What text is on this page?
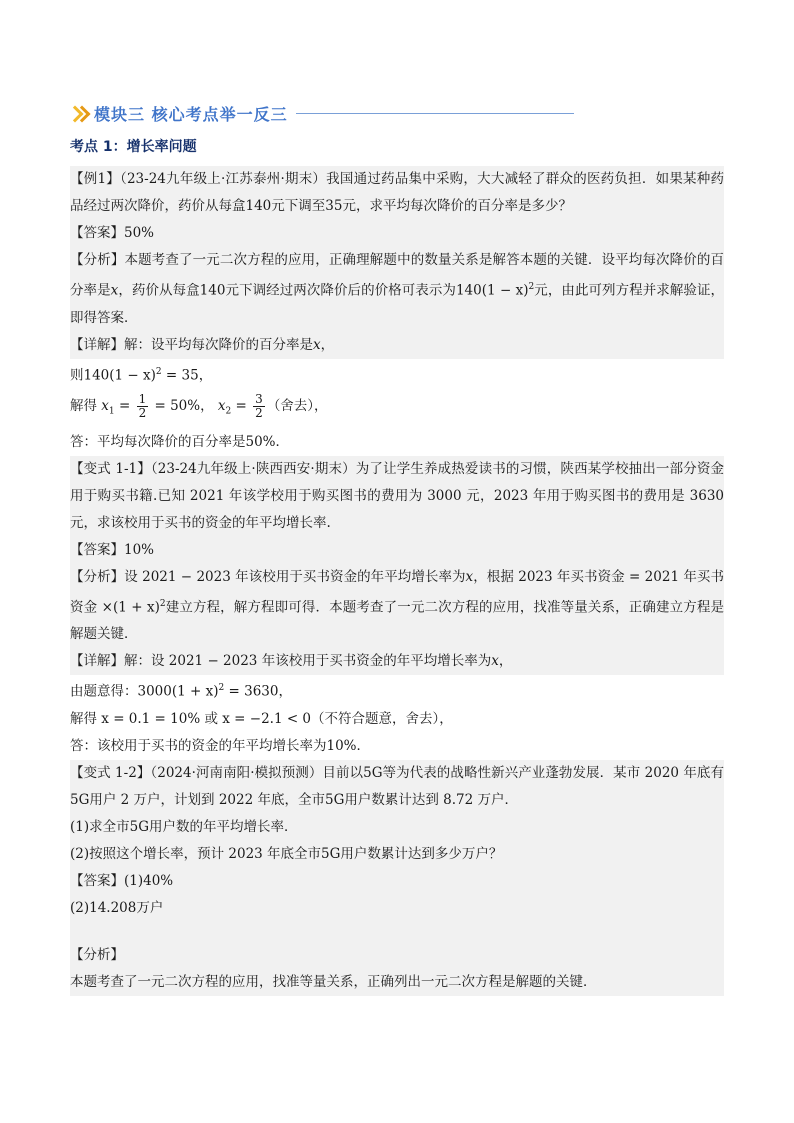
模块三 核心考点举一反三
考点 1：增长率问题
【例1】（23-24九年级上·江苏泰州·期末）我国通过药品集中采购，大大减轻了群众的医药负担．如果某种药品经过两次降价，药价从每盒140元下调至35元，求平均每次降价的百分率是多少？
【答案】50%
【分析】本题考查了一元二次方程的应用，正确理解题中的数量关系是解答本题的关键．设平均每次降价的百分率是x，药价从每盒140元下调经过两次降价后的价格可表示为$140(1 - x)^2$元，由此可列方程并求解验证，即得答案．
【详解】解：设平均每次降价的百分率是x，
则$140(1 - x)^2 = 35$，
解得 $x_1 = \frac{1}{2} = 50\%$， $x_2 = \frac{3}{2}$ （舍去），
答：平均每次降价的百分率是50%．
【变式 1-1】（23-24九年级上·陕西西安·期末）为了让学生养成热爱读书的习惯，陕西某学校抽出一部分资金用于购买书籍.已知 2021 年该学校用于购买图书的费用为 3000 元，2023 年用于购买图书的费用是 3630 元，求该校用于买书的资金的年平均增长率.
【答案】10%
【分析】设 2021 − 2023 年该校用于买书资金的年平均增长率为x，根据 2023 年买书资金 = 2021 年买书资金 $\times(1 + x)^2$建立方程，解方程即可得．本题考查了一元二次方程的应用，找准等量关系，正确建立方程是解题关键．
【详解】解：设 2021 − 2023 年该校用于买书资金的年平均增长率为x，
由题意得：$3000(1 + x)^2 = 3630$，
解得 x = 0.1 = 10% 或 x = −2.1 < 0（不符合题意，舍去），
答：该校用于买书的资金的年平均增长率为10%．
【变式 1-2】（2024·河南南阳·模拟预测）目前以5G等为代表的战略性新兴产业蓬勃发展．某市 2020 年底有5G用户 2 万户，计划到 2022 年底，全市5G用户数累计达到 8.72 万户．
(1)求全市5G用户数的年平均增长率．
(2)按照这个增长率，预计 2023 年底全市5G用户数累计达到多少万户？
【答案】(1)40%
(2)14.208万户
【分析】
本题考查了一元二次方程的应用，找准等量关系，正确列出一元二次方程是解题的关键．
